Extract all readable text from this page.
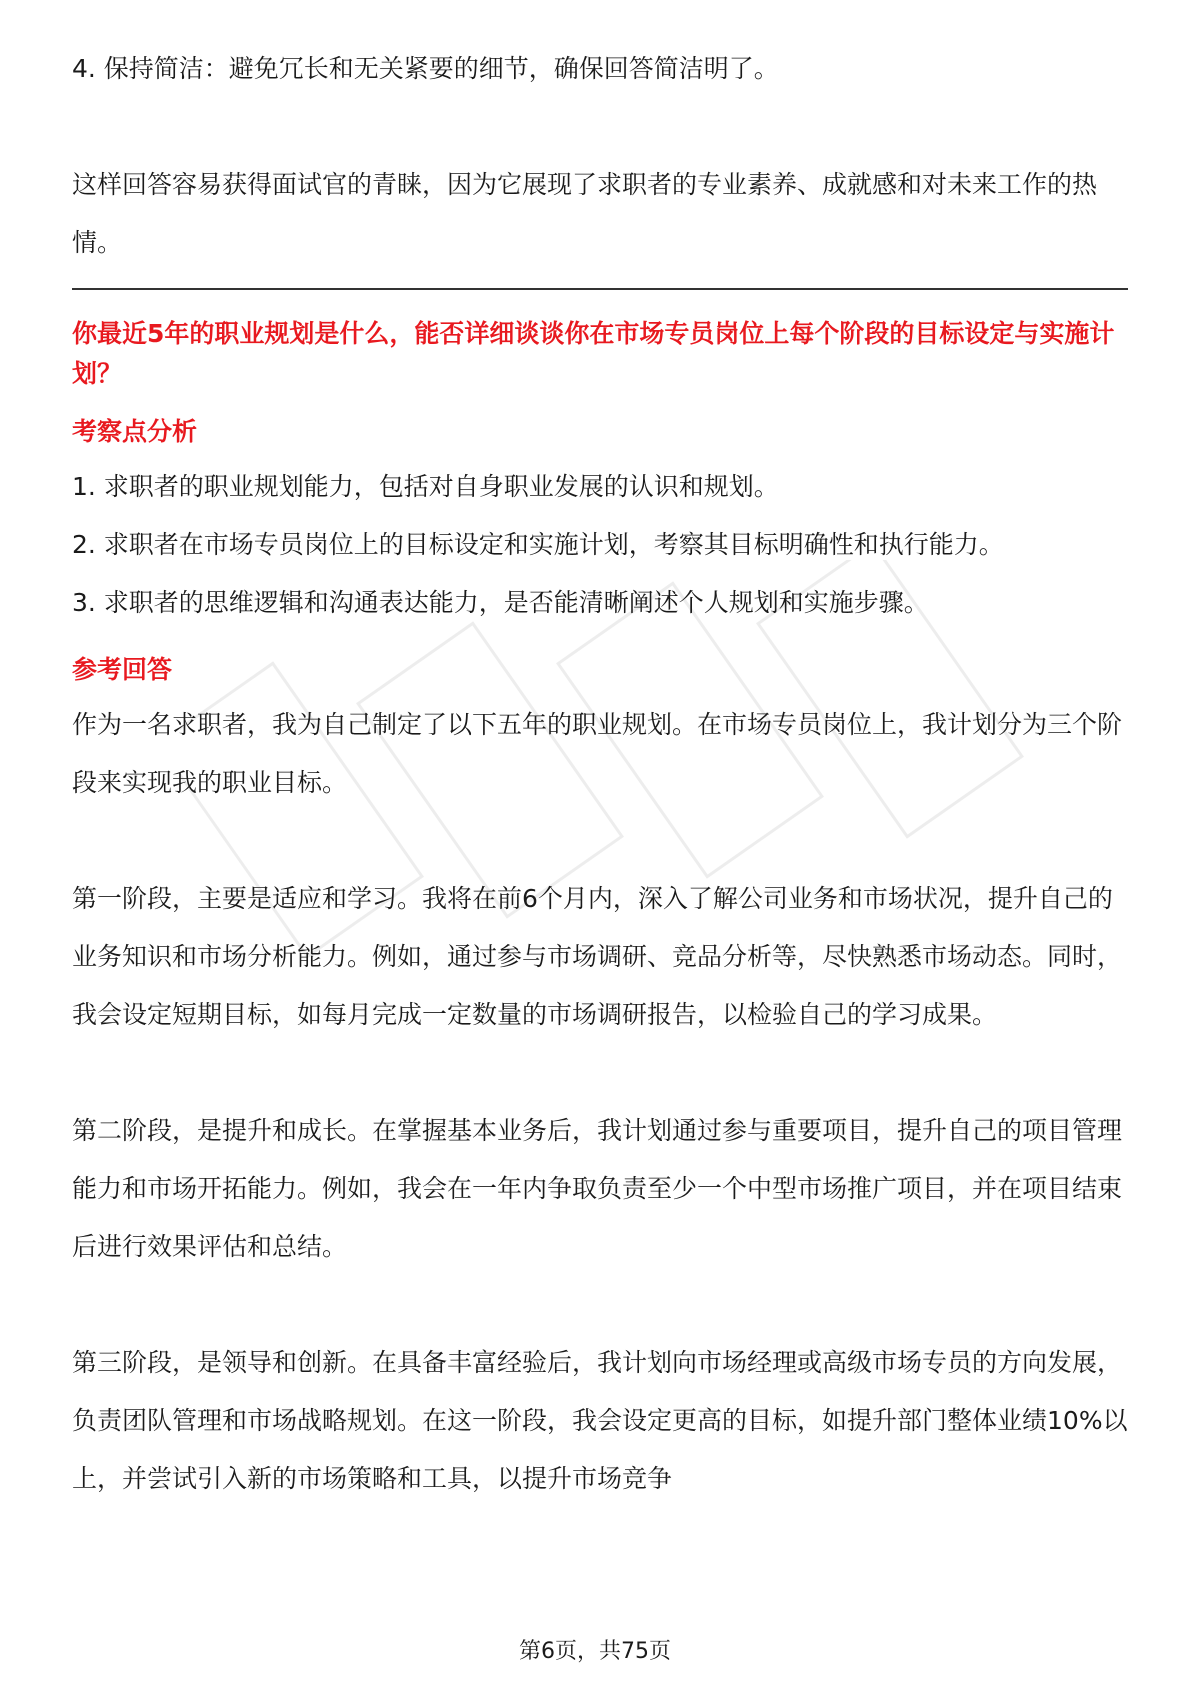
4. 保持简洁：避免冗长和无关紧要的细节，确保回答简洁明了。

这样回答容易获得面试官的青睐，因为它展现了求职者的专业素养、成就感和对未来工作的热情。

你最近5年的职业规划是什么，能否详细谈谈你在市场专员岗位上每个阶段的目标设定与实施计划？

考察点分析

1. 求职者的职业规划能力，包括对自身职业发展的认识和规划。

2. 求职者在市场专员岗位上的目标设定和实施计划，考察其目标明确性和执行能力。

3. 求职者的思维逻辑和沟通表达能力，是否能清晰阐述个人规划和实施步骤。

参考回答

作为一名求职者，我为自己制定了以下五年的职业规划。在市场专员岗位上，我计划分为三个阶段来实现我的职业目标。

第一阶段，主要是适应和学习。我将在前6个月内，深入了解公司业务和市场状况，提升自己的业务知识和市场分析能力。例如，通过参与市场调研、竞品分析等，尽快熟悉市场动态。同时，我会设定短期目标，如每月完成一定数量的市场调研报告，以检验自己的学习成果。

第二阶段，是提升和成长。在掌握基本业务后，我计划通过参与重要项目，提升自己的项目管理能力和市场开拓能力。例如，我会在一年内争取负责至少一个中型市场推广项目，并在项目结束后进行效果评估和总结。

第三阶段，是领导和创新。在具备丰富经验后，我计划向市场经理或高级市场专员的方向发展，负责团队管理和市场战略规划。在这一阶段，我会设定更高的目标，如提升部门整体业绩10%以上，并尝试引入新的市场策略和工具，以提升市场竞争

第6页，共75页
